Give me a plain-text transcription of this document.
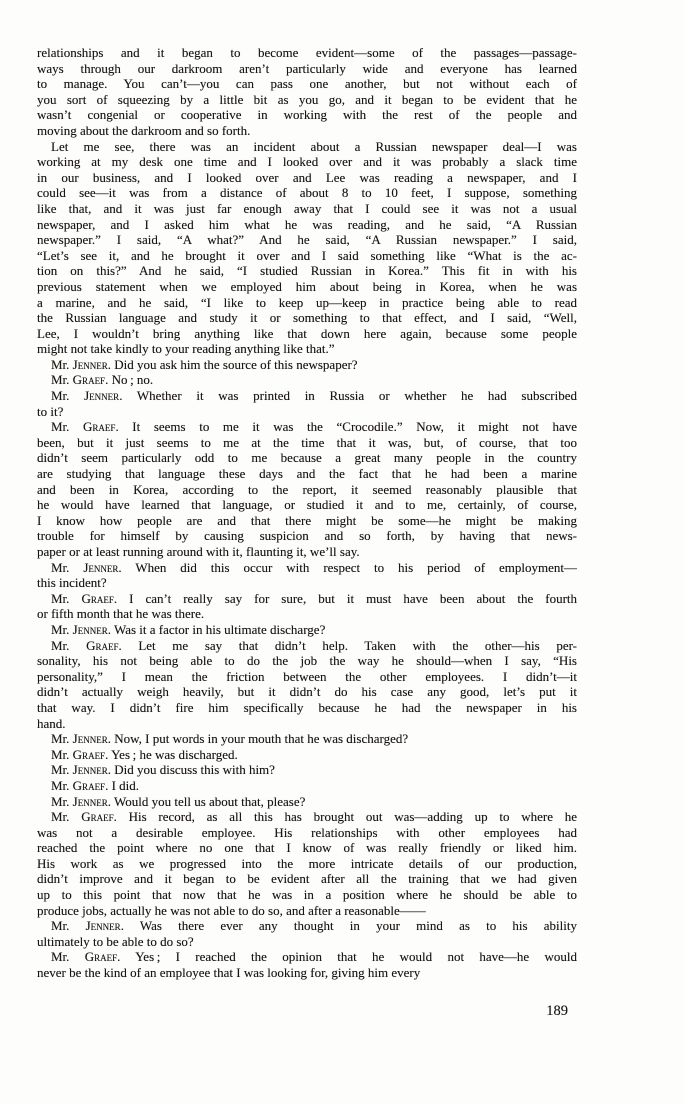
relationships and it began to become evident—some of the passages—passage-
ways through our darkroom aren’t particularly wide and everyone has learned
to manage. You can’t—you can pass one another, but not without each of
you sort of squeezing by a little bit as you go, and it began to be evident that he
wasn’t congenial or cooperative in working with the rest of the people and
moving about the darkroom and so forth.
Let me see, there was an incident about a Russian newspaper deal—I was
working at my desk one time and I looked over and it was probably a slack time
in our business, and I looked over and Lee was reading a newspaper, and I
could see—it was from a distance of about 8 to 10 feet, I suppose, something
like that, and it was just far enough away that I could see it was not a usual
newspaper, and I asked him what he was reading, and he said, “A Russian
newspaper.” I said, “A what?” And he said, “A Russian newspaper.” I said,
“Let’s see it, and he brought it over and I said something like “What is the ac-
tion on this?” And he said, “I studied Russian in Korea.” This fit in with his
previous statement when we employed him about being in Korea, when he was
a marine, and he said, “I like to keep up—keep in practice being able to read
the Russian language and study it or something to that effect, and I said, “Well,
Lee, I wouldn’t bring anything like that down here again, because some people
might not take kindly to your reading anything like that.”
Mr. Jenner. Did you ask him the source of this newspaper?
Mr. Graef. No ; no.
Mr. Jenner. Whether it was printed in Russia or whether he had subscribed
to it?
Mr. Graef. It seems to me it was the “Crocodile.” Now, it might not have
been, but it just seems to me at the time that it was, but, of course, that too
didn’t seem particularly odd to me because a great many people in the country
are studying that language these days and the fact that he had been a marine
and been in Korea, according to the report, it seemed reasonably plausible that
he would have learned that language, or studied it and to me, certainly, of course,
I know how people are and that there might be some—he might be making
trouble for himself by causing suspicion and so forth, by having that news-
paper or at least running around with it, flaunting it, we’ll say.
Mr. Jenner. When did this occur with respect to his period of employment—
this incident?
Mr. Graef. I can’t really say for sure, but it must have been about the fourth
or fifth month that he was there.
Mr. Jenner. Was it a factor in his ultimate discharge?
Mr. Graef. Let me say that didn’t help. Taken with the other—his per-
sonality, his not being able to do the job the way he should—when I say, “His
personality,” I mean the friction between the other employees. I didn’t—it
didn’t actually weigh heavily, but it didn’t do his case any good, let’s put it
that way. I didn’t fire him specifically because he had the newspaper in his
hand.
Mr. Jenner. Now, I put words in your mouth that he was discharged?
Mr. Graef. Yes ; he was discharged.
Mr. Jenner. Did you discuss this with him?
Mr. Graef. I did.
Mr. Jenner. Would you tell us about that, please?
Mr. Graef. His record, as all this has brought out was—adding up to where he
was not a desirable employee. His relationships with other employees had
reached the point where no one that I know of was really friendly or liked him.
His work as we progressed into the more intricate details of our production,
didn’t improve and it began to be evident after all the training that we had given
up to this point that now that he was in a position where he should be able to
produce jobs, actually he was not able to do so, and after a reasonable——
Mr. Jenner. Was there ever any thought in your mind as to his ability
ultimately to be able to do so?
Mr. Graef. Yes ; I reached the opinion that he would not have—he would
never be the kind of an employee that I was looking for, giving him every
189
